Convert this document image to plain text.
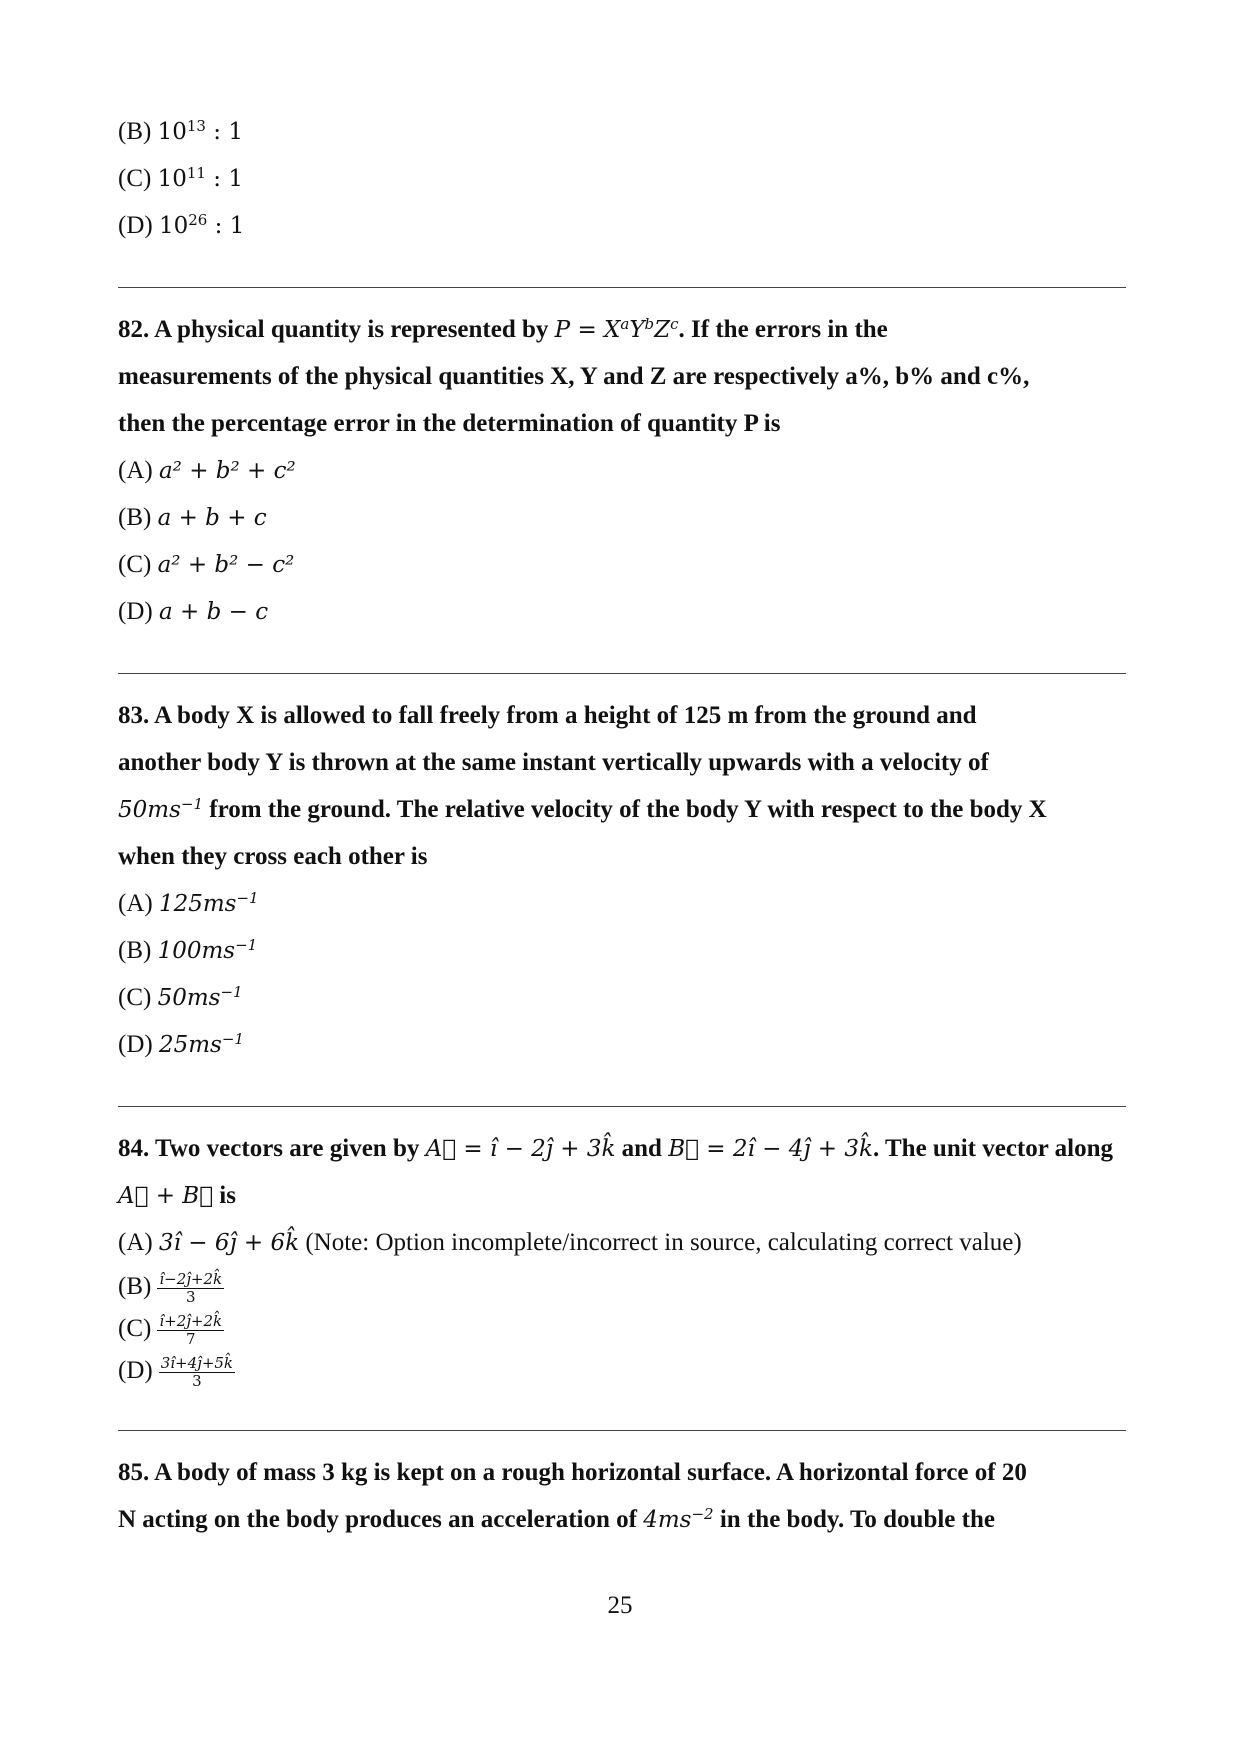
(B) $10^{13}$ : 1
(C) $10^{11}$ : 1
(D) $10^{26}$ : 1
82. A physical quantity is represented by $P = X^aY^bZ^c$. If the errors in the
measurements of the physical quantities X, Y and Z are respectively a%, b% and c%,
then the percentage error in the determination of quantity P is
(A) a² + b² + c²
(B) a + b + c
(C) a² + b² − c²
(D) a + b − c
83. A body X is allowed to fall freely from a height of 125 m from the ground and
another body Y is thrown at the same instant vertically upwards with a velocity of
$50ms^{-1}$ from the ground. The relative velocity of the body Y with respect to the body X
when they cross each other is
(A) $125ms^{-1}$
(B) $100ms^{-1}$
(C) $50ms^{-1}$
(D) $25ms^{-1}$
84. Two vectors are given by A⃗ = î − 2ĵ + 3k̂ and B⃗ = 2î − 4ĵ + 3k̂. The unit vector along
A⃗ + B⃗ is
(A) 3î − 6ĵ + 6k̂ (Note: Option incomplete/incorrect in source, calculating correct value)
$(B) \frac{î-2ĵ+2k̂}{3}$
$(C) \frac{î+2ĵ+2k̂}{7}$
$(D) \frac{3î+4ĵ+5k̂}{3}$
85. A body of mass 3 kg is kept on a rough horizontal surface. A horizontal force of 20
N acting on the body produces an acceleration of $4ms^{-2}$ in the body. To double the
25
